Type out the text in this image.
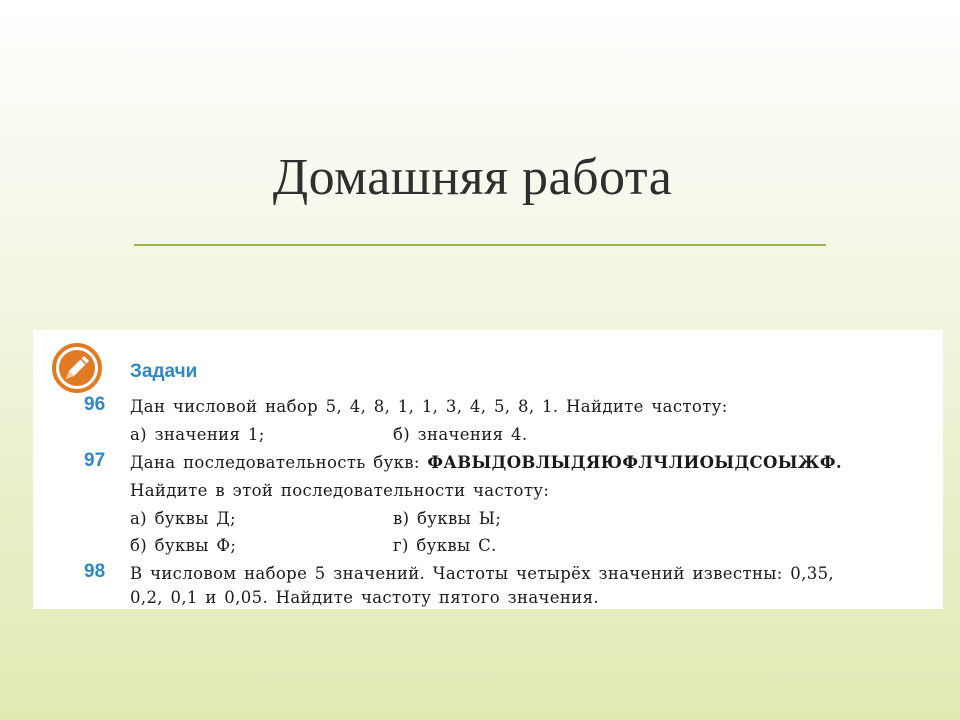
Домашняя работа
Задачи
96 Дан числовой набор 5, 4, 8, 1, 1, 3, 4, 5, 8, 1. Найдите частоту:
а) значения 1;	б) значения 4.
97 Дана последовательность букв: ФАВЫДОВЛЫДЯЮФЛЧЛИОЫДСОЫЖФ.
Найдите в этой последовательности частоту:
а) буквы Д;	в) буквы Ы;
б) буквы Ф;	г) буквы С.
98 В числовом наборе 5 значений. Частоты четырёх значений известны: 0,35,
0,2, 0,1 и 0,05. Найдите частоту пятого значения.
